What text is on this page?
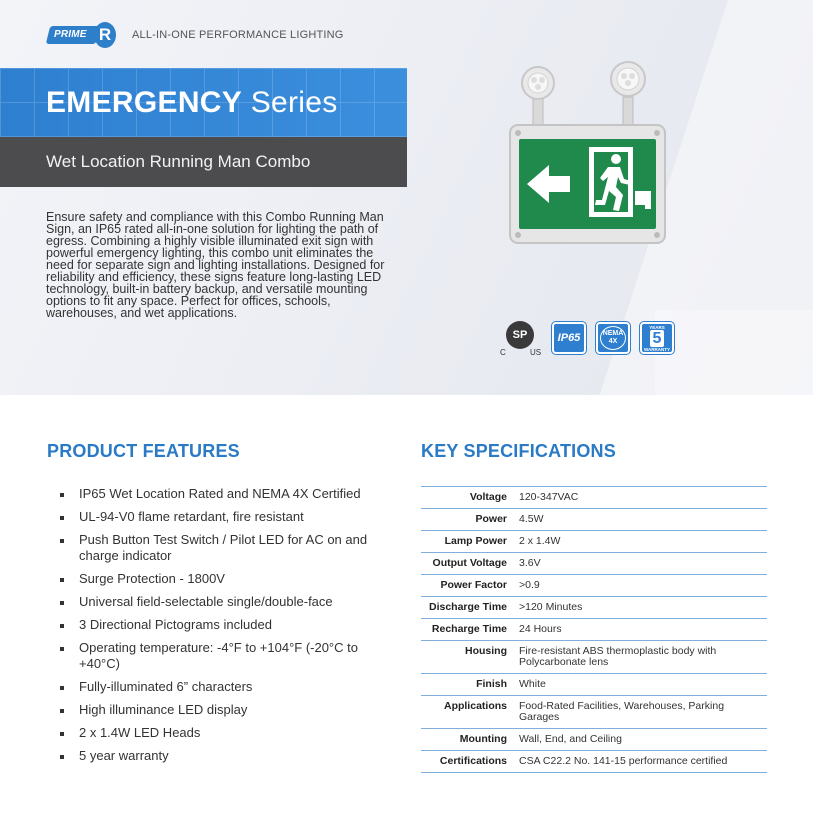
PRIME R	ALL-IN-ONE PERFORMANCE LIGHTING
EMERGENCY Series
Wet Location Running Man Combo

Ensure safety and compliance with this Combo Running Man Sign, an IP65 rated all-in-one solution for lighting the path of egress. Combining a highly visible illuminated exit sign with powerful emergency lighting, this combo unit eliminates the need for separate sign and lighting installations. Designed for reliability and efficiency, these signs feature long-lasting LED technology, built-in battery backup, and versatile mounting options to fit any space. Perfect for offices, schools, warehouses, and wet applications.

SP
C	US
IP65	NEMA
4X
YEARS
5
WARRANTY
PRODUCT FEATURES	KEY SPECIFICATIONS
IP65 Wet Location Rated and NEMA 4X Certified
UL-94-V0 flame retardant, fire resistant
Push Button Test Switch / Pilot LED for AC on and charge indicator
Surge Protection - 1800V
Universal field-selectable single/double-face
3 Directional Pictograms included
Operating temperature: -4°F to +104°F (-20°C to +40°C)
Fully-illuminated 6” characters
High illuminance LED display
2 x 1.4W LED Heads
5 year warranty
Voltage	120-347VAC
Power	4.5W
Lamp Power	2 x 1.4W
Output Voltage	3.6V
Power Factor	>0.9
Discharge Time	>120 Minutes
Recharge Time	24 Hours
Housing	Fire-resistant ABS thermoplastic body with Polycarbonate lens
Finish	White
Applications	Food-Rated Facilities, Warehouses, Parking Garages
Mounting	Wall, End, and Ceiling
Certifications	CSA C22.2 No. 141-15 performance certified
